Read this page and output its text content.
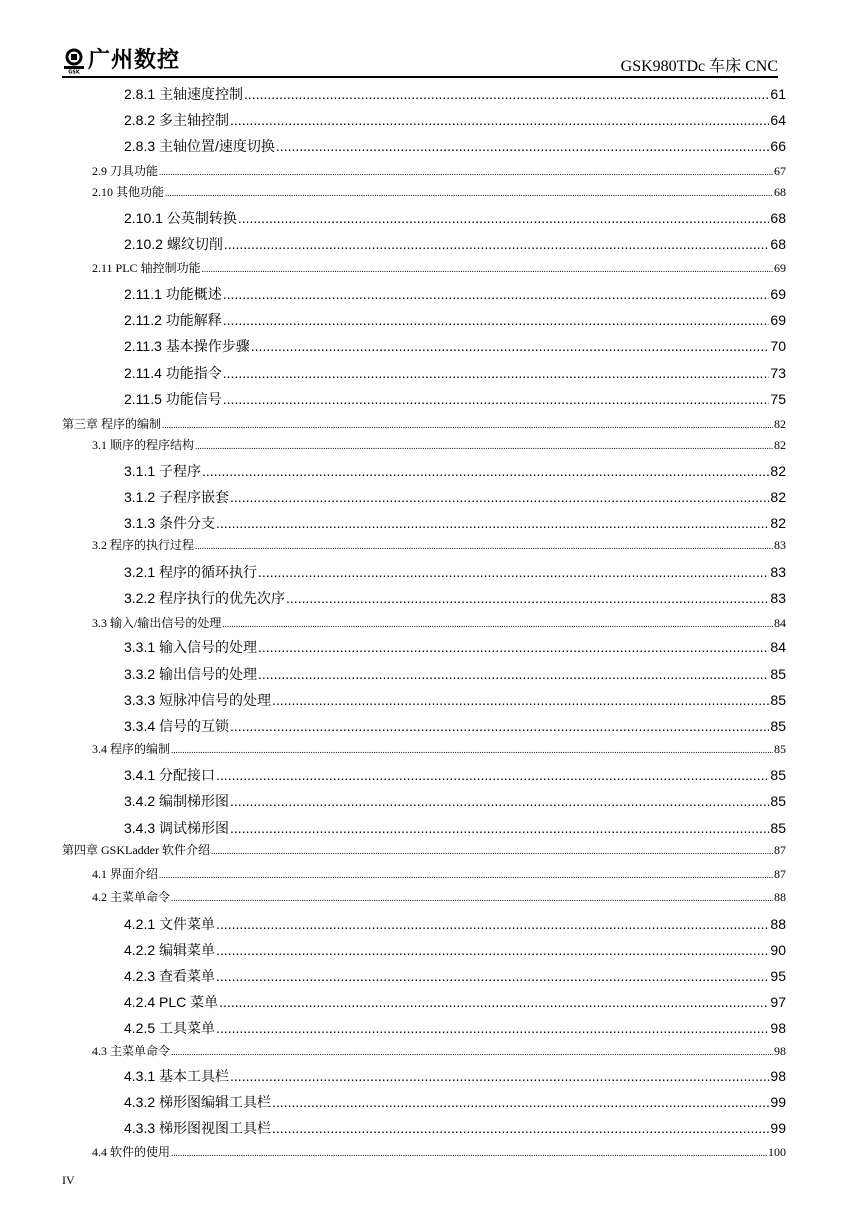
GSK 广州数控	GSK980TDc 车床 CNC
2.8.1 主轴速度控制 .....	61
2.8.2 多主轴控制 .....	64
2.8.3 主轴位置/速度切换 .....	66
2.9 刀具功能 .....	67
2.10 其他功能 .....	68
2.10.1 公英制转换 .....	68
2.10.2 螺纹切削 .....	68
2.11 PLC 轴控制功能 .....	69
2.11.1 功能概述 .....	69
2.11.2 功能解释 .....	69
2.11.3 基本操作步骤 .....	70
2.11.4 功能指令 .....	73
2.11.5 功能信号 .....	75
第三章 程序的编制 .....	82
3.1 顺序的程序结构 .....	82
3.1.1 子程序 .....	82
3.1.2 子程序嵌套 .....	82
3.1.3 条件分支 .....	82
3.2 程序的执行过程 .....	83
3.2.1 程序的循环执行 .....	83
3.2.2 程序执行的优先次序 .....	83
3.3 输入/输出信号的处理 .....	84
3.3.1 输入信号的处理 .....	84
3.3.2 输出信号的处理 .....	85
3.3.3 短脉冲信号的处理 .....	85
3.3.4 信号的互锁 .....	85
3.4 程序的编制 .....	85
3.4.1 分配接口 .....	85
3.4.2 编制梯形图 .....	85
3.4.3 调试梯形图 .....	85
第四章 GSKLadder 软件介绍 .....	87
4.1 界面介绍 .....	87
4.2 主菜单命令 .....	88
4.2.1 文件菜单 .....	88
4.2.2 编辑菜单 .....	90
4.2.3 查看菜单 .....	95
4.2.4 PLC 菜单 .....	97
4.2.5 工具菜单 .....	98
4.3 主菜单命令 .....	98
4.3.1 基本工具栏 .....	98
4.3.2 梯形图编辑工具栏 .....	99
4.3.3 梯形图视图工具栏 .....	99
4.4 软件的使用 .....	100
IV
